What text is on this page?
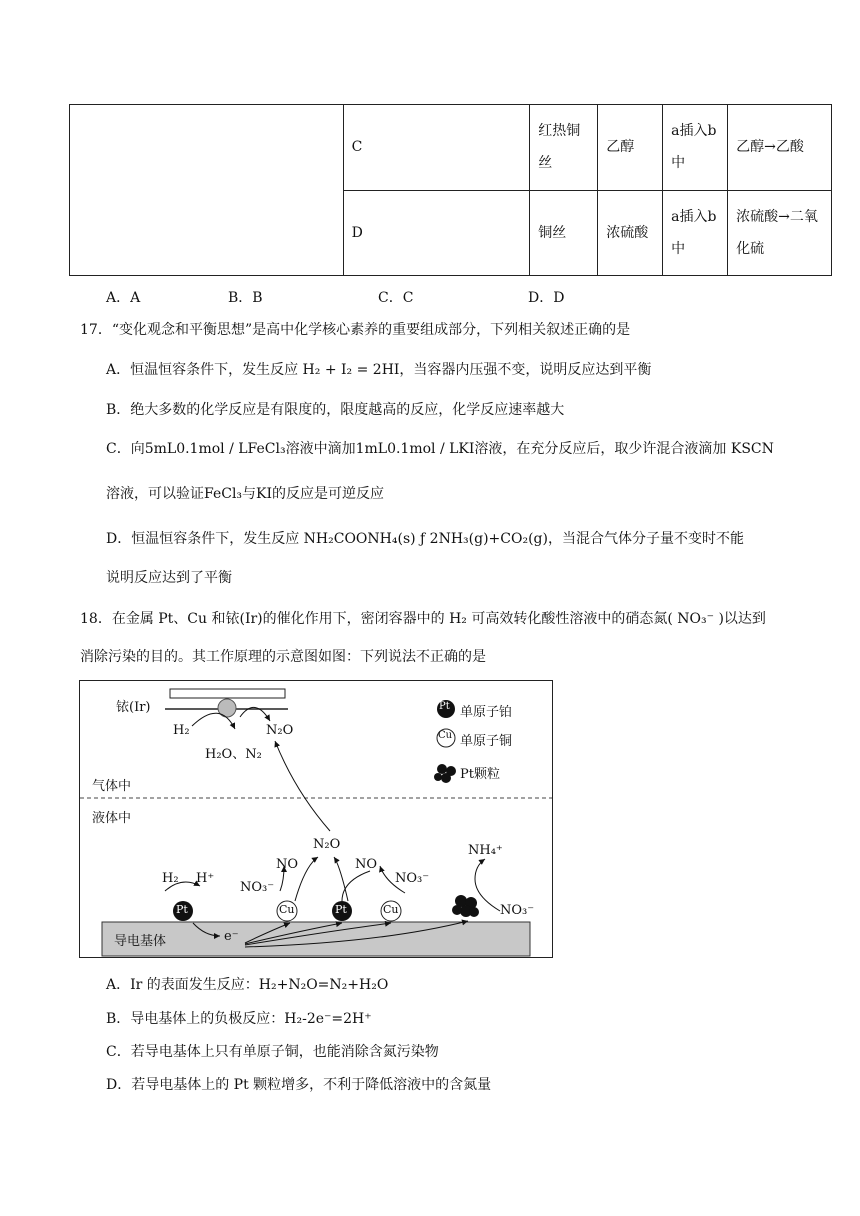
	C	红热铜丝	乙醇	a插入b中	乙醇→乙酸
	D	铜丝	浓硫酸	a插入b中	浓硫酸→二氧化硫
A．A	B．B	C．C	D．D
17．“变化观念和平衡思想”是高中化学核心素养的重要组成部分，下列相关叙述正确的是
A．恒温恒容条件下，发生反应 H₂ + I₂ = 2HI，当容器内压强不变，说明反应达到平衡
B．绝大多数的化学反应是有限度的，限度越高的反应，化学反应速率越大
C．向5mL0.1mol / LFeCl₃溶液中滴加1mL0.1mol / LKI溶液，在充分反应后，取少许混合液滴加 KSCN
溶液，可以验证FeCl₃与KI的反应是可逆反应
D．恒温恒容条件下，发生反应 NH₂COONH₄(s) ƒ 2NH₃(g)+CO₂(g)，当混合气体分子量不变时不能
说明反应达到了平衡
18．在金属 Pt、Cu 和铱(Ir)的催化作用下，密闭容器中的 H₂ 可高效转化酸性溶液中的硝态氮( NO₃⁻ )以达到
消除污染的目的。其工作原理的示意图如图：下列说法不正确的是
铱(Ir)
H₂
H₂O、N₂
N₂O
单原子铂
单原子铜
Pt颗粒
气体中
液体中
N₂O
H₂ H⁺
NO
NO₃⁻
NO
NO₃⁻
NH₄⁺
NO₃⁻
Pt	Pt
Cu	Cu
Pt
Cu
e⁻
导电基体
A．Ir 的表面发生反应：H₂+N₂O=N₂+H₂O
B．导电基体上的负极反应：H₂-2e⁻=2H⁺
C．若导电基体上只有单原子铜，也能消除含氮污染物
D．若导电基体上的 Pt 颗粒增多，不利于降低溶液中的含氮量
